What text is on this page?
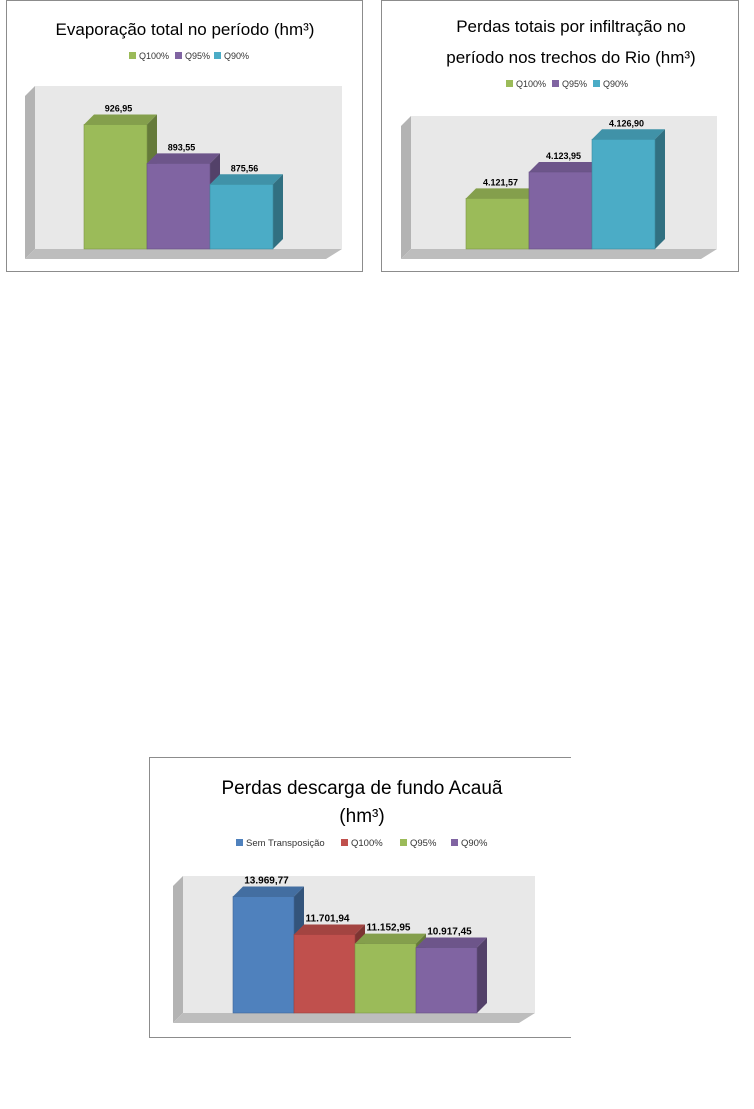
Evaporação total no período (hm³)
Q100% Q95% Q90%
926,95
893,55
875,56
Perdas totais por infiltração no
período nos trechos do Rio (hm³)
Q100% Q95% Q90%
4.121,57
4.123,95
4.126,90
Perdas descarga de fundo Acauã
(hm³)
Sem Transposição	Q100%	Q95%	Q90%
13.969,77
11.701,94
11.152,95 10.917,45
